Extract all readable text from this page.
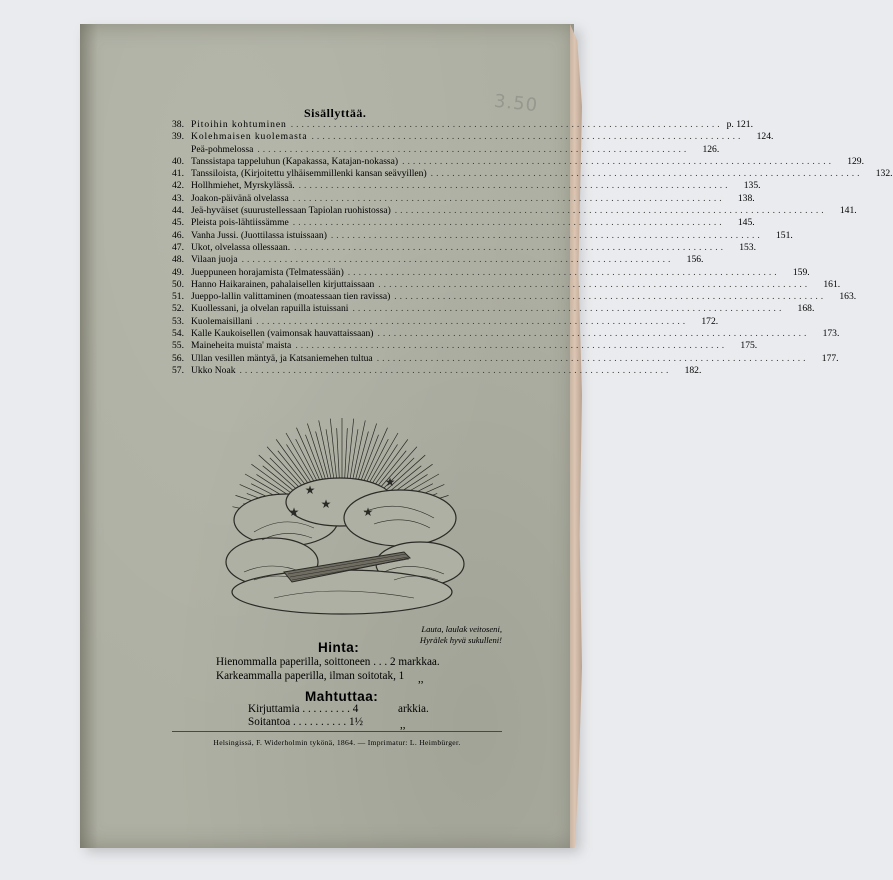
3.50
Sisällyttää.
38. Pitoihin kohtuminen ................................................................................ p. 121.
39. Kolehmaisen kuolemasta ................................................................................	124.
Peä-pohmelossa ................................................................................	126.
40. Tanssistapa tappeluhun (Kapakassa, Katajan-nokassa) ................................................................................	129.
41. Tanssiloista, (Kirjoitettu ylhäisemmillenki kansan seävyillen) ................................................................................	132.
42. Hollhmiehet, Myrskylässä. ................................................................................	135.
43. Joakon-päivänä olvelassa ................................................................................	138.
44. Jeä-hyväiset (suurustellessaan Tapiolan ruohistossa) ................................................................................	141.
45. Pleista pois-lähtiissämme ................................................................................	145.
46. Vanha Jussi. (Juottilassa istuissaan) ................................................................................	151.
47. Ukot, olvelassa ollessaan. ................................................................................	153.
48. Vilaan juoja ................................................................................	156.
49. Jueppuneen horajamista (Telmatessään) ................................................................................	159.
50. Hanno Haikarainen, pahalaisellen kirjuttaissaan ................................................................................	161.
51. Jueppo-lallin valittaminen (moatessaan tien ravissa) ................................................................................	163.
52. Kuollessani, ja olvelan rapuilla istuissani ................................................................................	168.
53. Kuolemaisillani ................................................................................	172.
54. Kalle Kaukoisellen (vaimonsak hauvattaissaan) ................................................................................	173.
55. Maineheita muista' maista ................................................................................	175.
56. Ullan vesillen mäntyä, ja Katsaniemehen tultua ................................................................................	177.
57. Ukko Noak ................................................................................	182.
★
★
★
★
★
Lauta, laulak veitoseni,
Hyrälek hyvä sukulleni!
Hinta:
Hienommalla paperilla, soittoneen . . . 2 markkaa.
Karkeammalla paperilla, ilman soitotak, 1 ,,
Mahtuttaa:
Kirjuttamia . . . . . . . . . 4	arkkia.
Soitantoa . . . . . . . . . . 1½	,,
Helsingissä, F. Widerholmin tykönä, 1864. — Imprimatur: L. Heimbürger.
